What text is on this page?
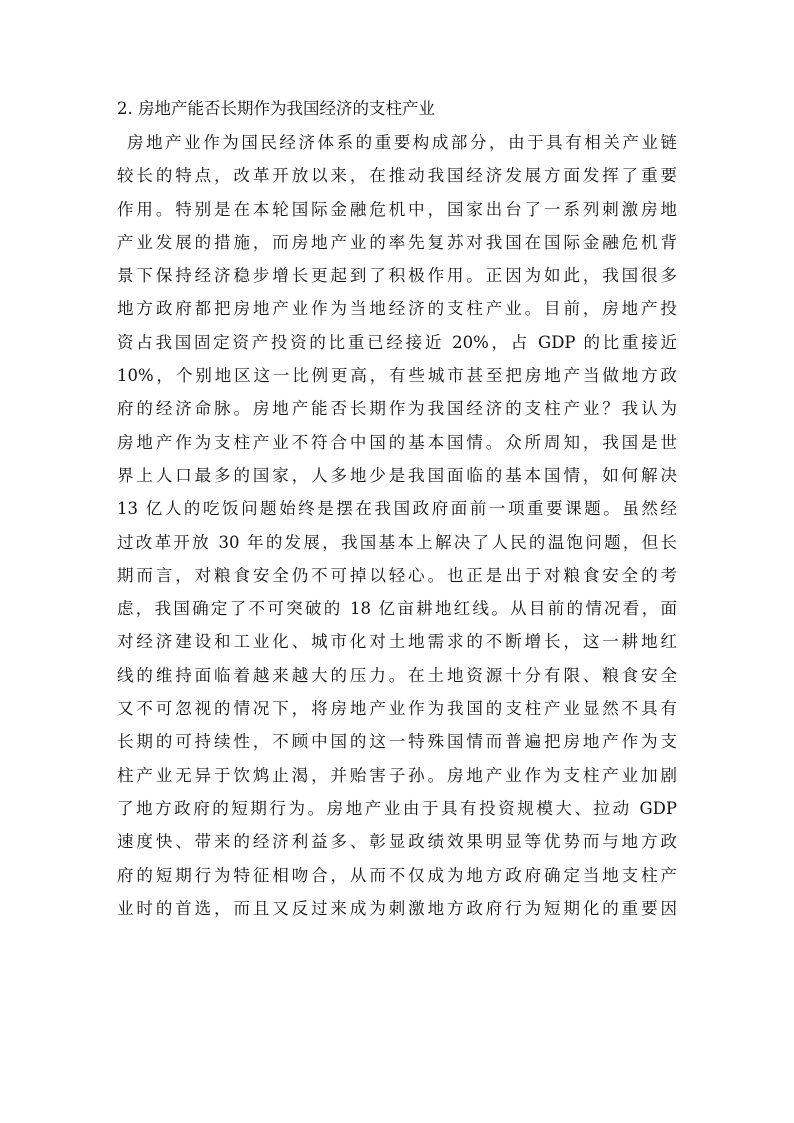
2. 房地产能否长期作为我国经济的支柱产业
房地产业作为国民经济体系的重要构成部分，由于具有相关产业链
较长的特点，改革开放以来，在推动我国经济发展方面发挥了重要
作用。特别是在本轮国际金融危机中，国家出台了一系列刺激房地
产业发展的措施，而房地产业的率先复苏对我国在国际金融危机背
景下保持经济稳步增长更起到了积极作用。正因为如此，我国很多
地方政府都把房地产业作为当地经济的支柱产业。目前，房地产投
资占我国固定资产投资的比重已经接近 20%，占 GDP 的比重接近
10%，个别地区这一比例更高，有些城市甚至把房地产当做地方政
府的经济命脉。房地产能否长期作为我国经济的支柱产业？我认为
房地产作为支柱产业不符合中国的基本国情。众所周知，我国是世
界上人口最多的国家，人多地少是我国面临的基本国情，如何解决
13 亿人的吃饭问题始终是摆在我国政府面前一项重要课题。虽然经
过改革开放 30 年的发展，我国基本上解决了人民的温饱问题，但长
期而言，对粮食安全仍不可掉以轻心。也正是出于对粮食安全的考
虑，我国确定了不可突破的 18 亿亩耕地红线。从目前的情况看，面
对经济建设和工业化、城市化对土地需求的不断增长，这一耕地红
线的维持面临着越来越大的压力。在土地资源十分有限、粮食安全
又不可忽视的情况下，将房地产业作为我国的支柱产业显然不具有
长期的可持续性，不顾中国的这一特殊国情而普遍把房地产作为支
柱产业无异于饮鸩止渴，并贻害子孙。房地产业作为支柱产业加剧
了地方政府的短期行为。房地产业由于具有投资规模大、拉动 GDP
速度快、带来的经济利益多、彰显政绩效果明显等优势而与地方政
府的短期行为特征相吻合，从而不仅成为地方政府确定当地支柱产
业时的首选，而且又反过来成为刺激地方政府行为短期化的重要因
